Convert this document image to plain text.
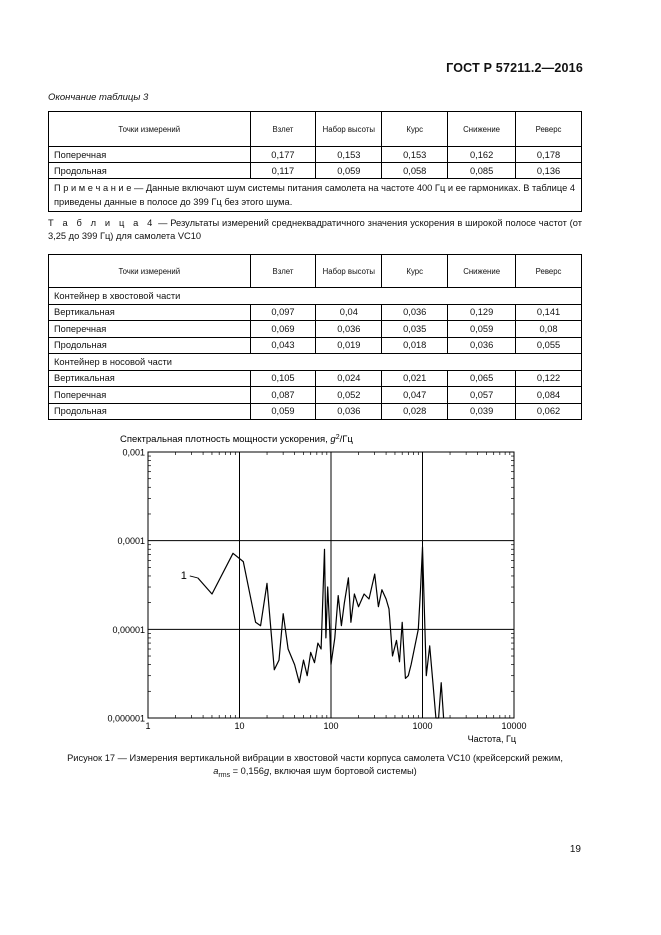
ГОСТ Р 57211.2—2016
Окончание таблицы 3
Точки измерений	Взлет	Набор высоты	Курс	Снижение	Реверс
Поперечная	0,177	0,153	0,153	0,162	0,178
Продольная	0,117	0,059	0,058	0,085	0,136
П р и м е ч а н и е — Данные включают шум системы питания самолета на частоте 400 Гц и ее гармониках. В таблице 4 приведены данные в полосе до 399 Гц без этого шума.					
Т а б л и ц а 4 — Результаты измерений среднеквадратичного значения ускорения в широкой полосе частот (от 3,25 до 399 Гц) для самолета VC10
Точки измерений	Взлет	Набор высоты	Курс	Снижение	Реверс
Контейнер в хвостовой части					
Вертикальная	0,097	0,04	0,036	0,129	0,141
Поперечная	0,069	0,036	0,035	0,059	0,08
Продольная	0,043	0,019	0,018	0,036	0,055
Контейнер в носовой части					
Вертикальная	0,105	0,024	0,021	0,065	0,122
Поперечная	0,087	0,052	0,047	0,057	0,084
Продольная	0,059	0,036	0,028	0,039	0,062
Спектральная плотность мощности ускорения, $g^2/Гц$
1	10	100	1000	10000
0,000001
0,00001
0,0001
0,001
1
Частота, Гц
Рисунок 17 — Измерения вертикальной вибрации в хвостовой части корпуса самолета VC10 (крейсерский режим,
$a_{rms} = 0,156g$, включая шум бортовой системы)
19
